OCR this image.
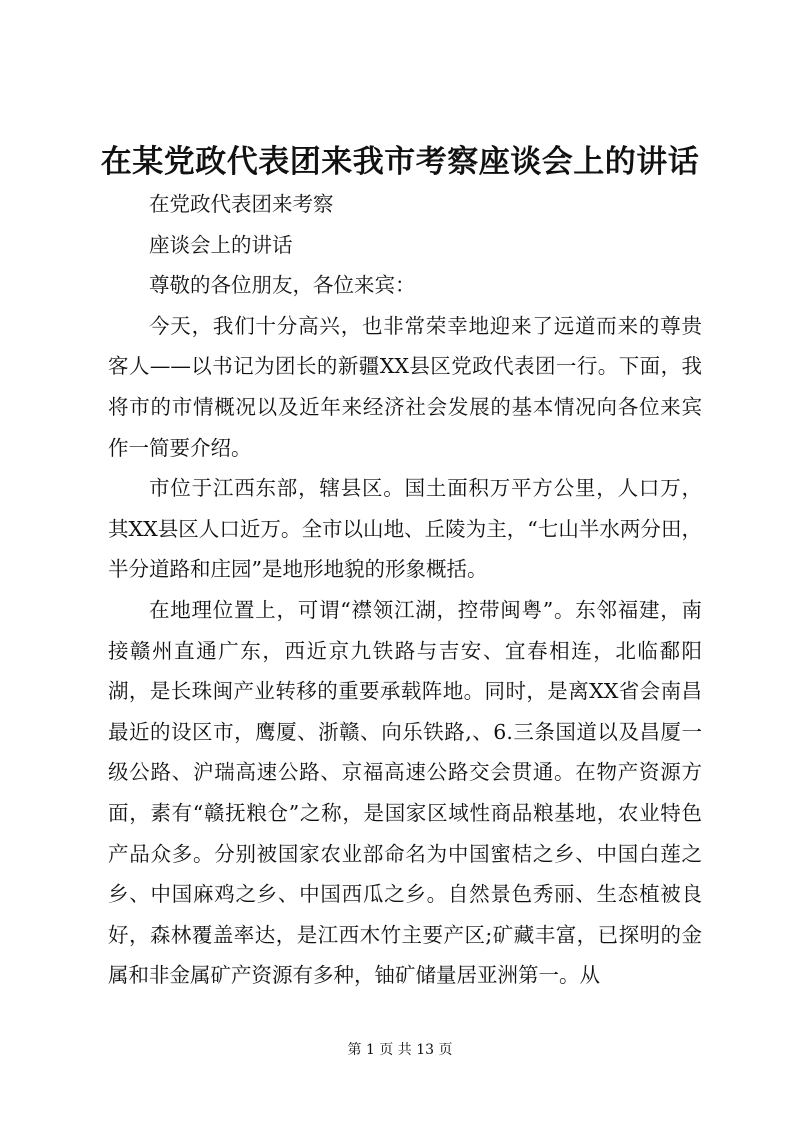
在某党政代表团来我市考察座谈会上的讲话

在党政代表团来考察

座谈会上的讲话

尊敬的各位朋友，各位来宾：

今天，我们十分高兴，也非常荣幸地迎来了远道而来的尊贵客人——以书记为团长的新疆XX县区党政代表团一行。下面，我将市的市情概况以及近年来经济社会发展的基本情况向各位来宾作一简要介绍。

市位于江西东部，辖县区。国土面积万平方公里，人口万，其XX县区人口近万。全市以山地、丘陵为主，“七山半水两分田，半分道路和庄园”是地形地貌的形象概括。

在地理位置上，可谓“襟领江湖，控带闽粤”。东邻福建，南接赣州直通广东，西近京九铁路与吉安、宜春相连，北临鄱阳湖，是长珠闽产业转移的重要承载阵地。同时，是离XX省会南昌最近的设区市，鹰厦、浙赣、向乐铁路,、6.三条国道以及昌厦一级公路、沪瑞高速公路、京福高速公路交会贯通。在物产资源方面，素有“赣抚粮仓”之称，是国家区域性商品粮基地，农业特色产品众多。分别被国家农业部命名为中国蜜桔之乡、中国白莲之乡、中国麻鸡之乡、中国西瓜之乡。自然景色秀丽、生态植被良好，森林覆盖率达，是江西木竹主要产区;矿藏丰富，已探明的金属和非金属矿产资源有多种，铀矿储量居亚洲第一。从

第 1 页 共 13 页
